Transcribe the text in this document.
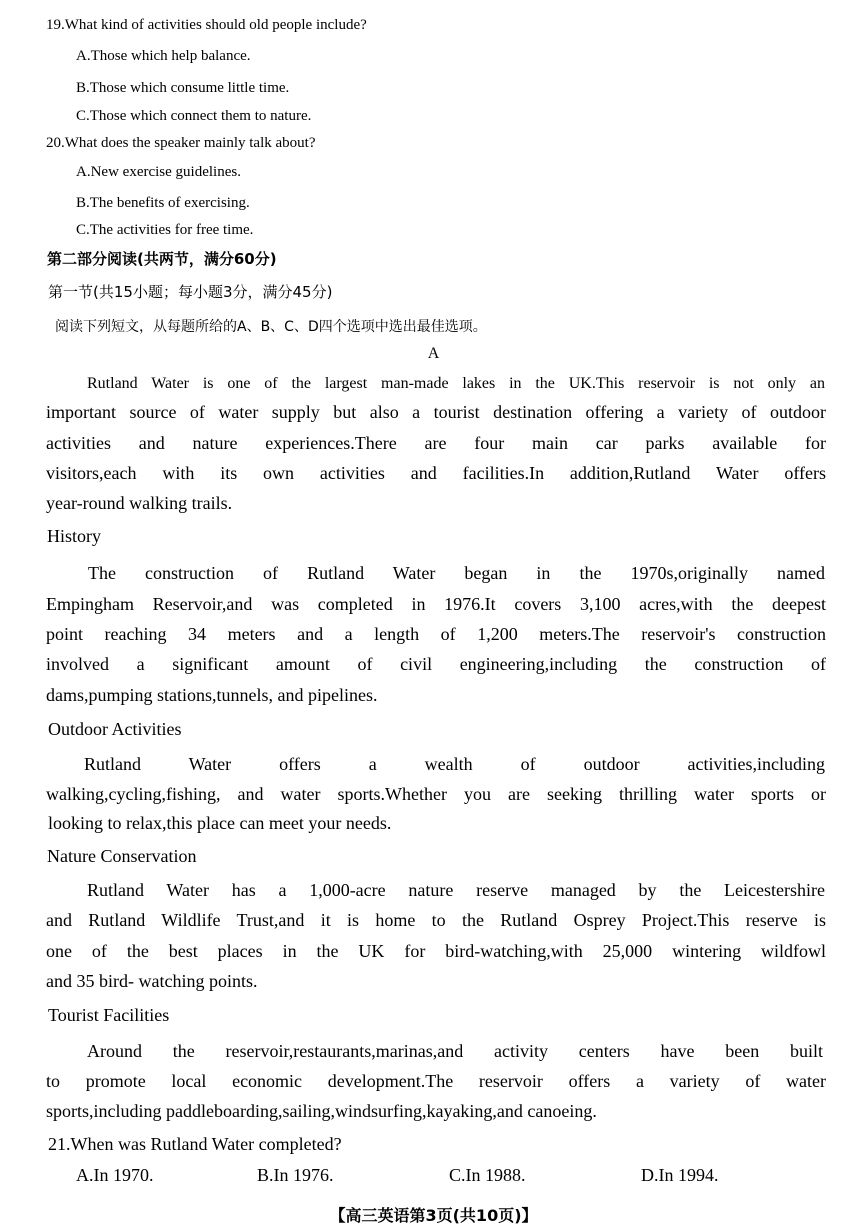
19.What kind of activities should old people include?
A.Those which help balance.
B.Those which consume little time.
C.Those which connect them to nature.
20.What does the speaker mainly talk about?
A.New exercise guidelines.
B.The benefits of exercising.
C.The activities for free time.
第二部分阅读(共两节，满分60分)
第一节(共15小题；每小题3分，满分45分)
阅读下列短文，从每题所给的A、B、C、D四个选项中选出最佳选项。
A
Rutland Water is one of the largest man-made lakes in the UK.This reservoir is not only an
important source of water supply but also a tourist destination offering a variety of outdoor
activities and nature experiences.There are four main car parks available for
visitors,each with its own activities and facilities.In addition,Rutland Water offers
year-round walking trails.
History
The construction of Rutland Water began in the 1970s,originally named
Empingham Reservoir,and was completed in 1976.It covers 3,100 acres,with the deepest
point reaching 34 meters and a length of 1,200 meters.The reservoir's construction
involved a significant amount of civil engineering,including the construction of
dams,pumping stations,tunnels, and pipelines.
Outdoor Activities
Rutland Water offers a wealth of outdoor activities,including
walking,cycling,fishing, and water sports.Whether you are seeking thrilling water sports or
looking to relax,this place can meet your needs.
Nature Conservation
Rutland Water has a 1,000-acre nature reserve managed by the Leicestershire
and Rutland Wildlife Trust,and it is home to the Rutland Osprey Project.This reserve is
one of the best places in the UK for bird-watching,with 25,000 wintering wildfowl
and 35 bird- watching points.
Tourist Facilities
Around the reservoir,restaurants,marinas,and activity centers have been built
to promote local economic development.The reservoir offers a variety of water
sports,including paddleboarding,sailing,windsurfing,kayaking,and canoeing.
21.When was Rutland Water completed?
A.In 1970.	B.In 1976.	C.In 1988.	D.In 1994.
【高三英语第3页(共10页)】
